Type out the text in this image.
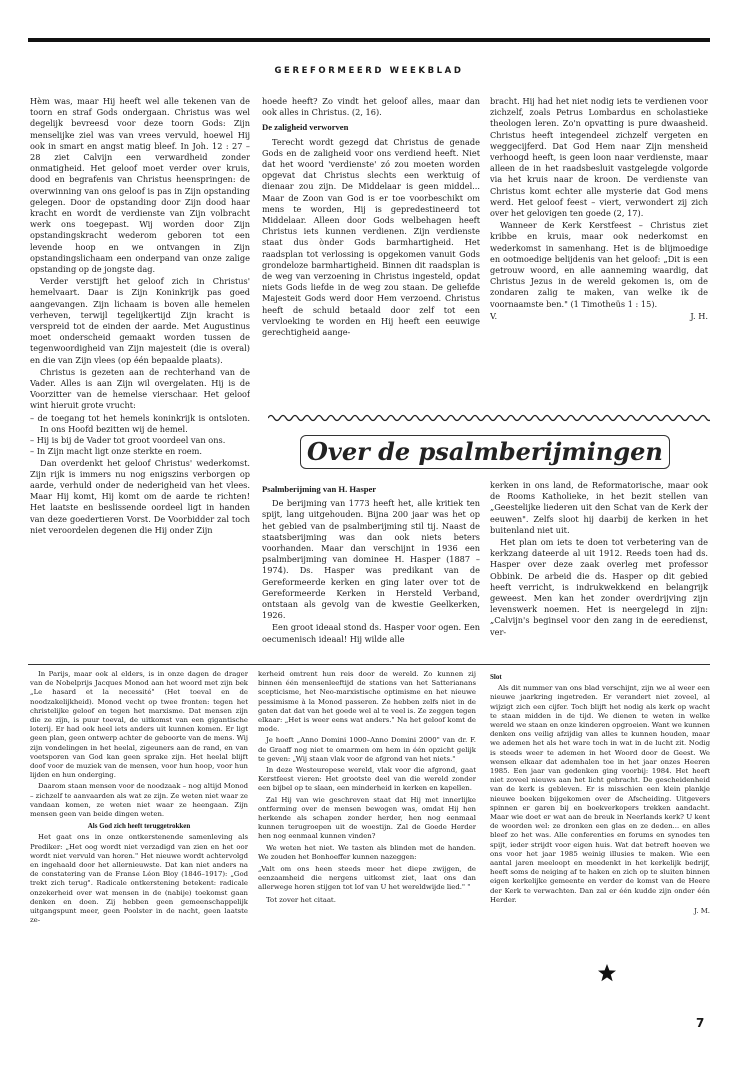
GEREFORMEERD WEEKBLAD

Hèm was, maar Hij heeft wel alle tekenen van de toorn en straf Gods ondergaan. Christus was wel degelijk bevreesd voor deze toorn Gods: Zijn menselijke ziel was van vrees vervuld, hoewel Hij ook in smart en angst matig bleef. In Joh. 12 : 27 – 28 ziet Calvijn een verwardheid zonder onmatigheid. Het geloof moet verder over kruis, dood en begrafenis van Christus heenspringen: de overwinning van ons geloof is pas in Zijn opstanding gelegen. Door de opstanding door Zijn dood haar kracht en wordt de verdienste van Zijn volbracht werk ons toegepast. Wij worden door Zijn opstandingskracht wederom geboren tot een levende hoop en we ontvangen in Zijn opstandingslichaam een onderpand van onze zalige opstanding op de jongste dag.

Verder verstijft het geloof zich in Christus' hemelvaart. Daar is Zijn Koninkrijk pas goed aangevangen. Zijn lichaam is boven alle hemelen verheven, terwijl tegelijkertijd Zijn kracht is verspreid tot de einden der aarde. Met Augustinus moet onderscheid gemaakt worden tussen de tegenwoordigheid van Zijn majesteit (die is overal) en die van Zijn vlees (op één bepaalde plaats).

Christus is gezeten aan de rechterhand van de Vader. Alles is aan Zijn wil overgelaten. Hij is de Voorzitter van de hemelse vierschaar. Het geloof wint hieruit grote vrucht:

– de toegang tot het hemels koninkrijk is ontsloten. In ons Hoofd bezitten wij de hemel.
– Hij is bij de Vader tot groot voordeel van ons.
– In Zijn macht ligt onze sterkte en roem.

Dan overdenkt het geloof Christus' wederkomst. Zijn rijk is immers nu nog enigszins verborgen op aarde, verhuld onder de nederigheid van het vlees. Maar Hij komt, Hij komt om de aarde te richten! Het laatste en beslissende oordeel ligt in handen van deze goedertieren Vorst. De Voorbidder zal toch niet veroordelen degenen die Hij onder Zijn

hoede heeft? Zo vindt het geloof alles, maar dan ook alles in Christus. (2, 16).

De zaligheid verworven

Terecht wordt gezegd dat Christus de genade Gods en de zaligheid voor ons verdiend heeft. Niet dat het woord 'verdienste' zó zou moeten worden opgevat dat Christus slechts een werktuig of dienaar zou zijn. De Middelaar is geen middel... Maar de Zoon van God is er toe voorbeschikt om mens te worden, Hij is gepredestineerd tot Middelaar. Alleen door Gods welbehagen heeft Christus iets kunnen verdienen. Zijn verdienste staat dus ònder Gods barmhartigheid. Het raadsplan tot verlossing is opgekomen vanuit Gods grondeloze barmhartigheid. Binnen dit raadsplan is de weg van verzoening in Christus ingesteld, opdat niets Gods liefde in de weg zou staan. De geliefde Majesteit Gods werd door Hem verzoend. Christus heeft de schuld betaald door zelf tot een vervloeking te worden en Hij heeft een eeuwige gerechtigheid aange-

bracht. Hij had het niet nodig iets te verdienen voor zichzelf, zoals Petrus Lombardus en scholastieke theologen leren. Zo'n opvatting is pure dwaasheid. Christus heeft integendeel zichzelf vergeten en weggecijferd. Dat God Hem naar Zijn mensheid verhoogd heeft, is geen loon naar verdienste, maar alleen de in het raadsbesluit vastgelegde volgorde via het kruis naar de kroon. De verdienste van Christus komt echter alle mysterie dat God mens werd. Het geloof feest – viert, verwondert zij zich over het gelovigen ten goede (2, 17).

Wanneer de Kerk Kerstfeest – Christus ziet kribbe en kruis, maar ook nederkomst en wederkomst in samenhang. Het is de blijmoedige en ootmoedige belijdenis van het geloof: „Dit is een getrouw woord, en alle aanneming waardig, dat Christus Jezus in de wereld gekomen is, om de zondaren zalig te maken, van welke ik de voornaamste ben." (1 Timotheüs 1 : 15).

V.	J. H.
Over de psalmberijmingen
Psalmberijming van H. Hasper

De berijming van 1773 heeft het, alle kritiek ten spijt, lang uitgehouden. Bijna 200 jaar was het op het gebied van de psalmberijming stil tij. Naast de staatsberijming was dan ook niets beters voorhanden. Maar dan verschijnt in 1936 een psalmberijming van dominee H. Hasper (1887 – 1974). Ds. Hasper was predikant van de Gereformeerde kerken en ging later over tot de Gereformeerde Kerken in Hersteld Verband, ontstaan als gevolg van de kwestie Geelkerken, 1926.

Een groot ideaal stond ds. Hasper voor ogen. Een oecumenisch ideaal! Hij wilde alle

kerken in ons land, de Reformatorische, maar ook de Rooms Katholieke, in het bezit stellen van „Geestelijke liederen uit den Schat van de Kerk der eeuwen". Zelfs sloot hij daarbij de kerken in het buitenland niet uit.

Het plan om iets te doen tot verbetering van de kerkzang dateerde al uit 1912. Reeds toen had ds. Hasper over deze zaak overleg met professor Obbink. De arbeid die ds. Hasper op dit gebied heeft verricht, is indrukwekkend en belangrijk geweest. Men kan het zonder overdrijving zijn levenswerk noemen. Het is neergelegd in zijn: „Calvijn's beginsel voor den zang in de eeredienst, ver-

In Parijs, maar ook al elders, is in onze dagen de drager van de Nobelprijs Jacques Monod aan het woord met zijn bek „Le hasard et la necessité" (Het toeval en de noodzakelijkheid). Monod vecht op twee fronten: tegen het christelijke geloof en tegen het marxisme. Dat mensen zijn die ze zijn, is puur toeval, de uitkomst van een gigantische loterij. Er had ook heel iets anders uit kunnen komen. Er ligt geen plan, geen ontwerp achter de geboorte van de mens. Wij zijn vondelingen in het heelal, zigeuners aan de rand, en van voetsporen van God kan geen sprake zijn. Het heelal blijft doof voor de muziek van de mensen, voor hun hoop, voor hun lijden en hun onderging.

Daarom staan mensen voor de noodzaak – nog altijd Monod – zichzelf te aanvaarden als wat ze zijn. Ze weten niet waar ze vandaan komen, ze weten niet waar ze heengaan. Zijn mensen geen van beide dingen weten.

Als God zich heeft teruggetrokken

Het gaat ons in onze ontkerstenende samenleving als Prediker: „Het oog wordt niet verzadigd van zien en het oor wordt niet vervuld van horen." Het nieuwe wordt achtervolgd en ingehaald door het allernieuwste. Dat kan niet anders na de constatering van de Franse Léon Bloy (1846–1917): „God trekt zich terug". Radicale ontkerstening betekent: radicale onzekerheid over wat mensen in de (nabije) toekomst gaan denken en doen. Zij hebben geen gemeenschappelijk uitgangspunt meer, geen Poolster in de nacht, geen laatste ze-

kerheid omtrent hun reis door de wereld. Zo kunnen zij binnen één mensenleeftijd de stations van het Satterianans scepticisme, het Neo-marxistische optimisme en het nieuwe pessimisme à la Monod passeren. Ze hebben zelfs niet in de gaten dat dat van het goede wel al te veel is. Ze zeggen tegen elkaar: „Het is weer eens wat anders." Na het geloof komt de mode.

Je hoeft „Anno Domini 1000–Anno Domini 2000" van dr. F. de Graaff nog niet te omarmen om hem in één opzicht gelijk te geven: „Wij staan vlak voor de afgrond van het niets."

In deze Westeuropese wereld, vlak voor die afgrond, gaat Kerstfeest vieren: Het grootste deel van die wereld zonder een bijbel op te slaan, een minderheid in kerken en kapellen.

Zal Hij van wie geschreven staat dat Hij met innerlijke ontferming over de mensen bewogen was, omdat Hij hen herkende als schapen zonder herder, hen nog eenmaal kunnen terugroepen uit de woestijn. Zal de Goede Herder hen nog eenmaal kunnen vinden?

We weten het niet. We tasten als blinden met de handen. We zouden het Bonhoeffer kunnen nazeggen:

„Valt om ons heen steeds meer het diepe zwijgen, de eenzaamheid die nergens uitkomst ziet, laat ons dan allerwege horen stijgen tot lof van U het wereldwijde lied." "

Tot zover het citaat.

Slot

Als dit nummer van ons blad verschijnt, zijn we al weer een nieuwe jaarkring ingetreden. Er verandert niet zoveel, al wijzigt zich een cijfer. Toch blijft het nodig als kerk op wacht te staan midden in de tijd. We dienen te weten in welke wereld we staan en onze kinderen opgroeien. Want we kunnen denken ons veilig afzijdig van alles te kunnen houden, maar we ademen het als het ware toch in wat in de lucht zit. Nodig is steeds weer te ademen in het Woord door de Geest. We wensen elkaar dat ademhalen toe in het jaar onzes Heeren 1985. Een jaar van gedenken ging voorbij: 1984. Het heeft niet zoveel nieuws aan het licht gebracht. De gescheidenheid van de kerk is gebleven. Er is misschien een klein plankje nieuwe boeken bijgekomen over de Afscheiding. Uitgevers spinnen er garen bij en boekverkopers trekken aandacht. Maar wie doet er wat aan de breuk in Neerlands kerk? U kent de woorden wel: ze dronken een glas en ze deden... en alles bleef zo het was. Alle conferenties en forums en synodes ten spijt, ieder strijdt voor eigen huis. Wat dat betreft hoeven we ons voor het jaar 1985 weinig illusies te maken. Wie een aantal jaren meeloopt en meedenkt in het kerkelijk bedrijf, heeft soms de neiging af te haken en zich op te sluiten binnen eigen kerkelijke gemeente en verder de komst van de Heere der Kerk te verwachten. Dan zal er één kudde zijn onder één Herder.

J. M.
7
